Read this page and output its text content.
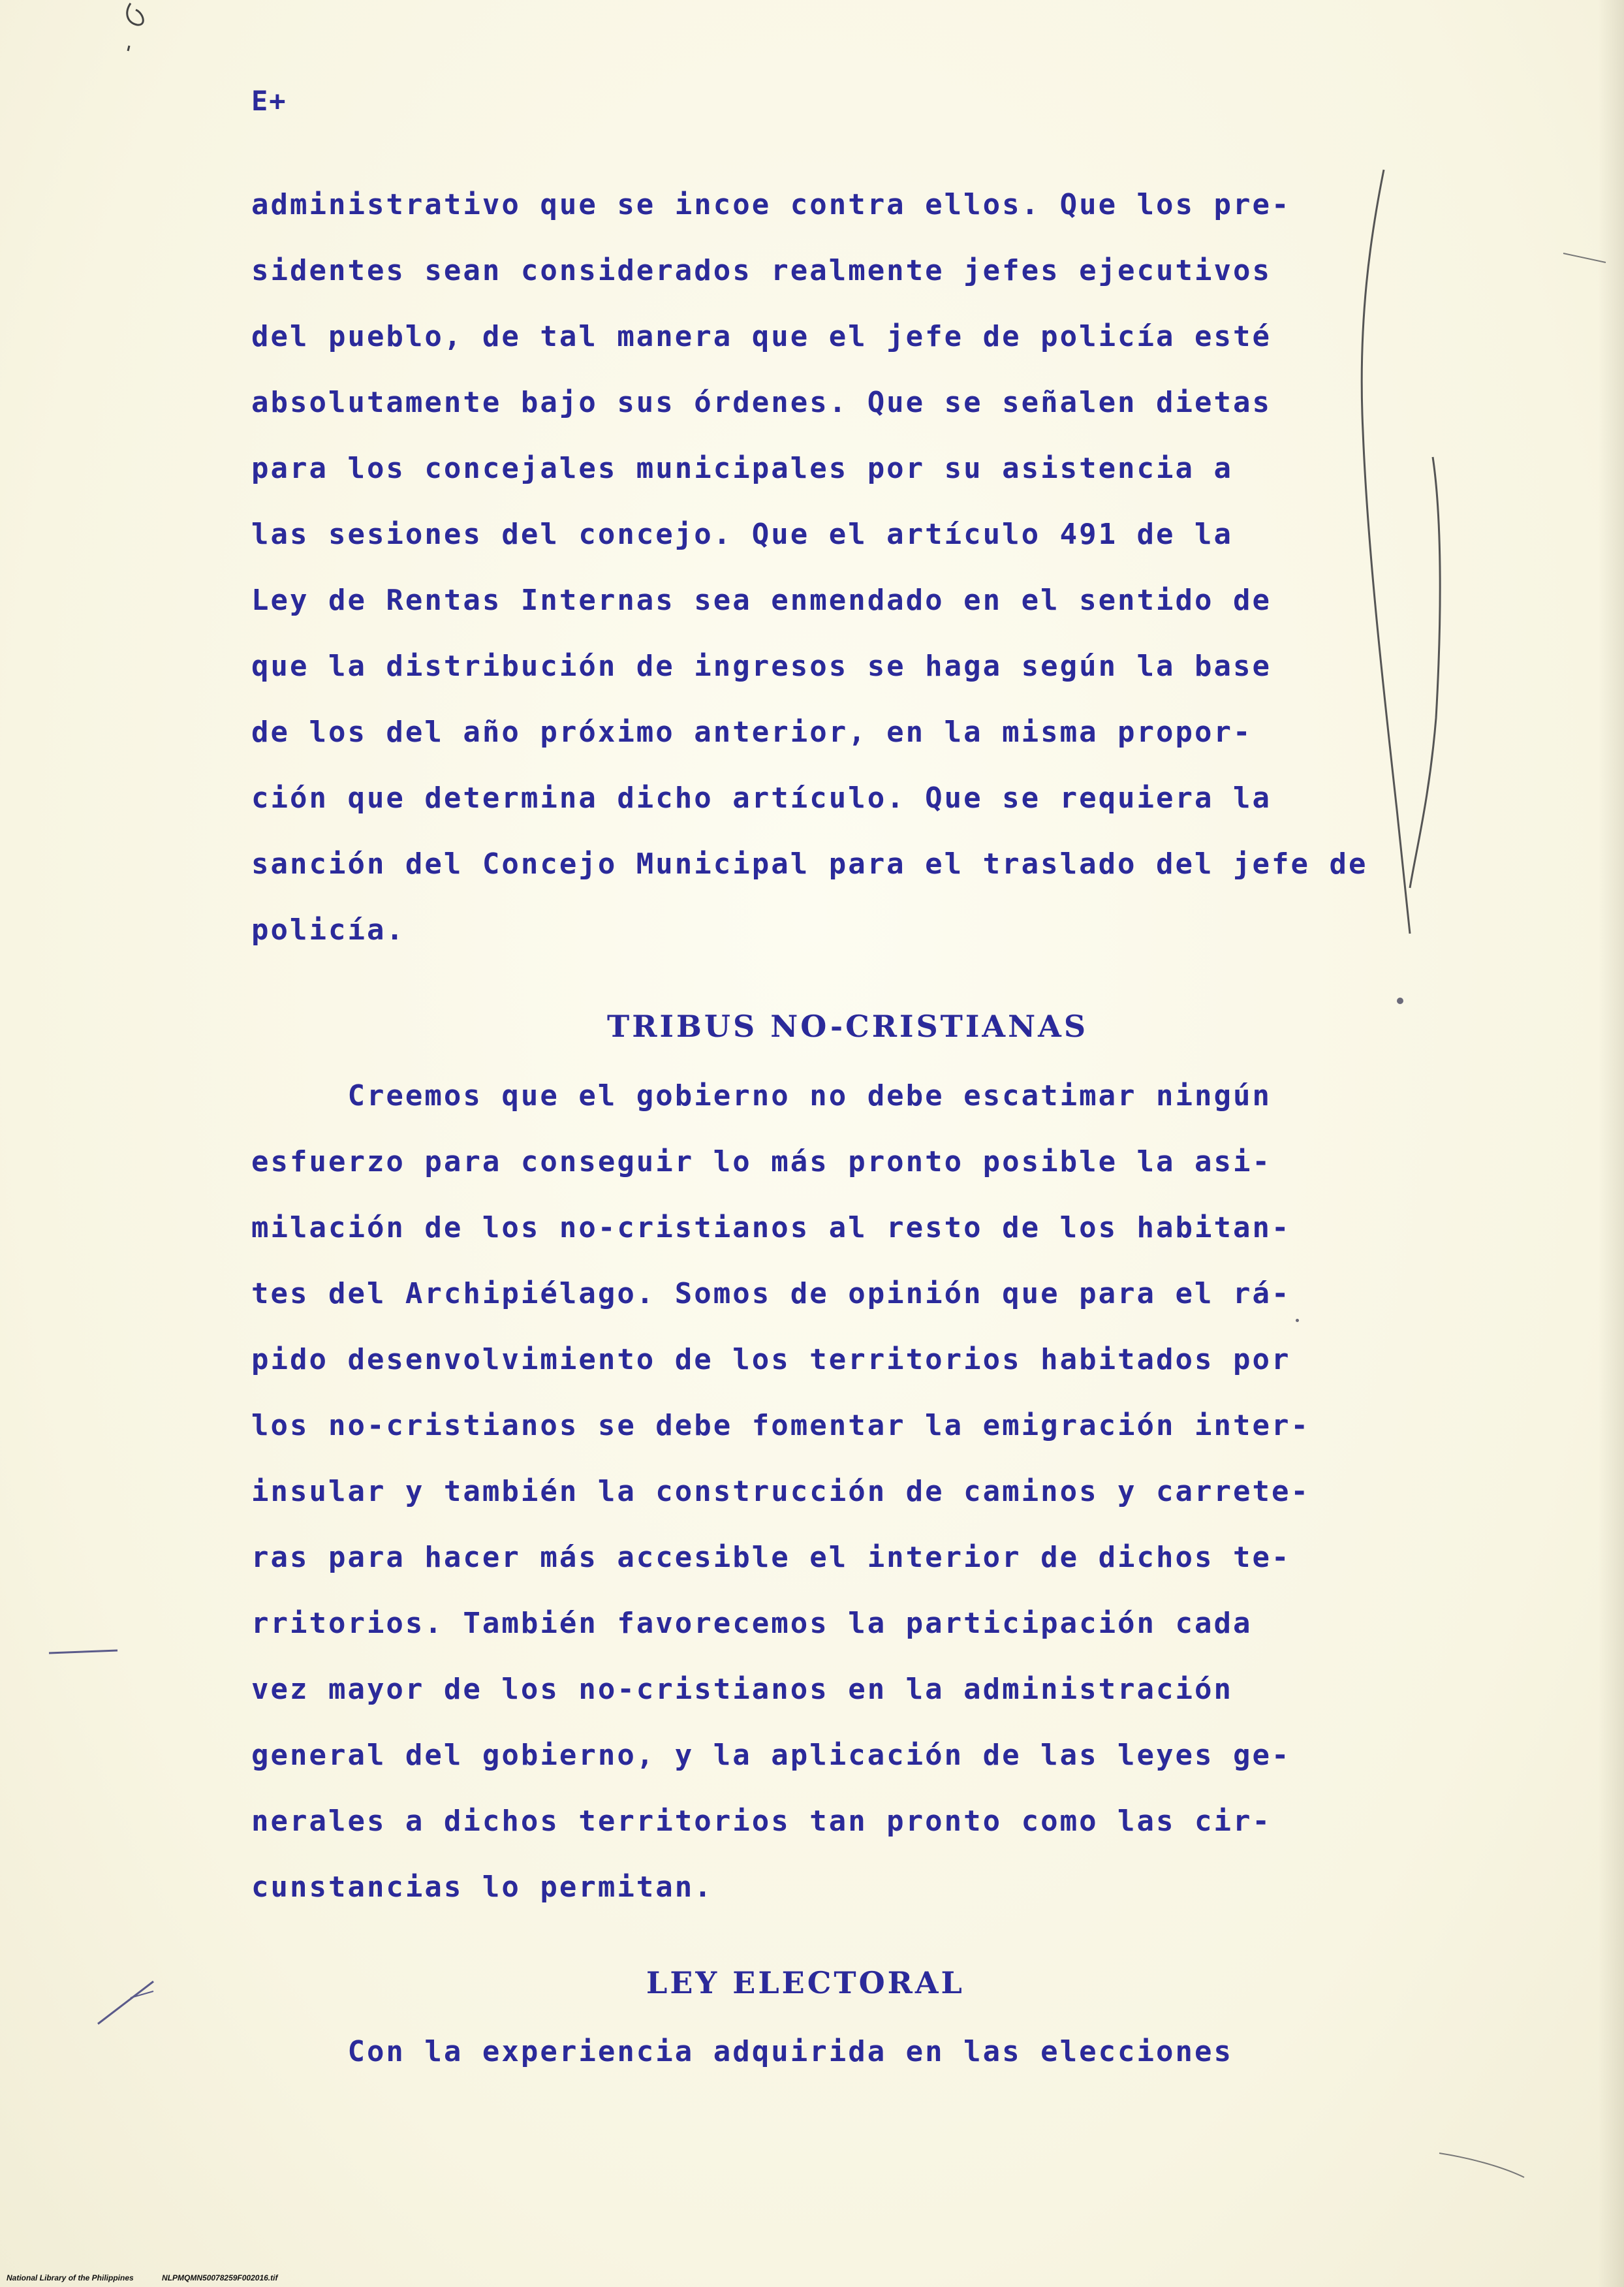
E+
administrativo que se incoe contra ellos. Que los pre-
sidentes sean considerados realmente jefes ejecutivos
del pueblo, de tal manera que el jefe de policía esté
absolutamente bajo sus órdenes. Que se señalen dietas
para los concejales municipales por su asistencia a
las sesiones del concejo. Que el artículo 491 de la
Ley de Rentas Internas sea enmendado en el sentido de
que la distribución de ingresos se haga según la base
de los del año próximo anterior, en la misma propor-
ción que determina dicho artículo. Que se requiera la
sanción del Concejo Municipal para el traslado del jefe de
policía.
TRIBUS NO-CRISTIANAS
Creemos que el gobierno no debe escatimar ningún
esfuerzo para conseguir lo más pronto posible la asi-
milación de los no-cristianos al resto de los habitan-
tes del Archipiélago. Somos de opinión que para el rá-
pido desenvolvimiento de los territorios habitados por
los no-cristianos se debe fomentar la emigración inter-
insular y también la construcción de caminos y carrete-
ras para hacer más accesible el interior de dichos te-
rritorios. También favorecemos la participación cada
vez mayor de los no-cristianos en la administración
general del gobierno, y la aplicación de las leyes ge-
nerales a dichos territorios tan pronto como las cir-
cunstancias lo permitan.
LEY ELECTORAL
Con la experiencia adquirida en las elecciones
National Library of the Philippines	NLPMQMN50078259F002016.tif
